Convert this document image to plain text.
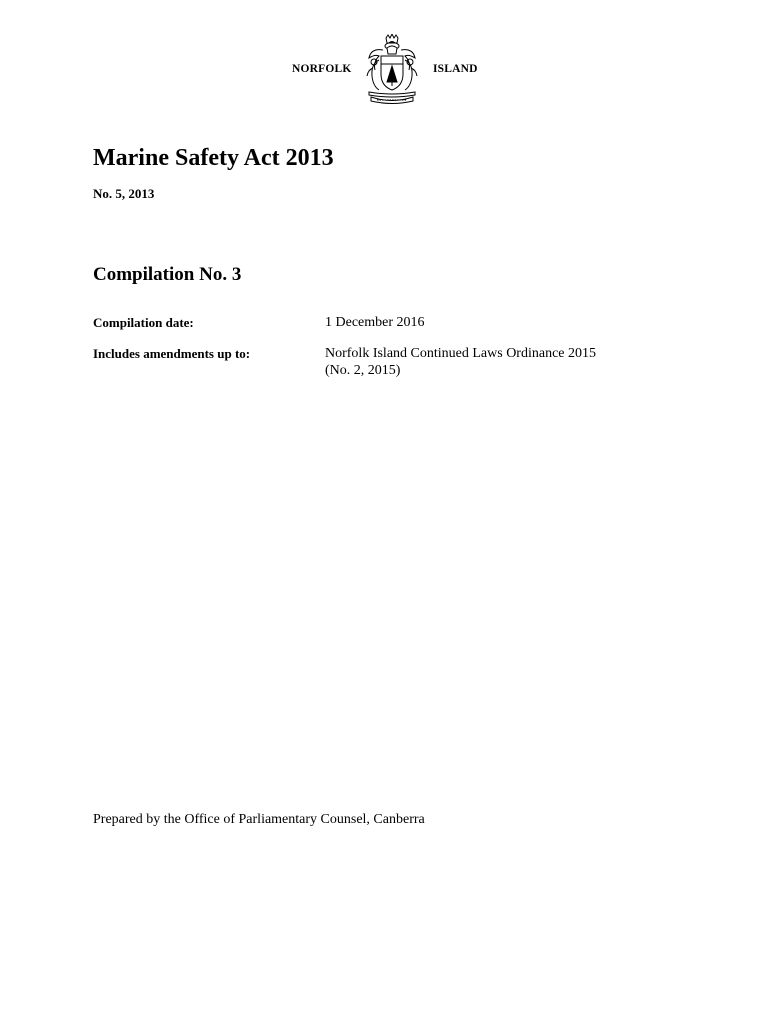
NORFOLK	ISLAND
Marine Safety Act 2013
No. 5, 2013
Compilation No. 3
Compilation date:	1 December 2016
Includes amendments up to:	Norfolk Island Continued Laws Ordinance 2015
(No. 2, 2015)
Prepared by the Office of Parliamentary Counsel, Canberra
